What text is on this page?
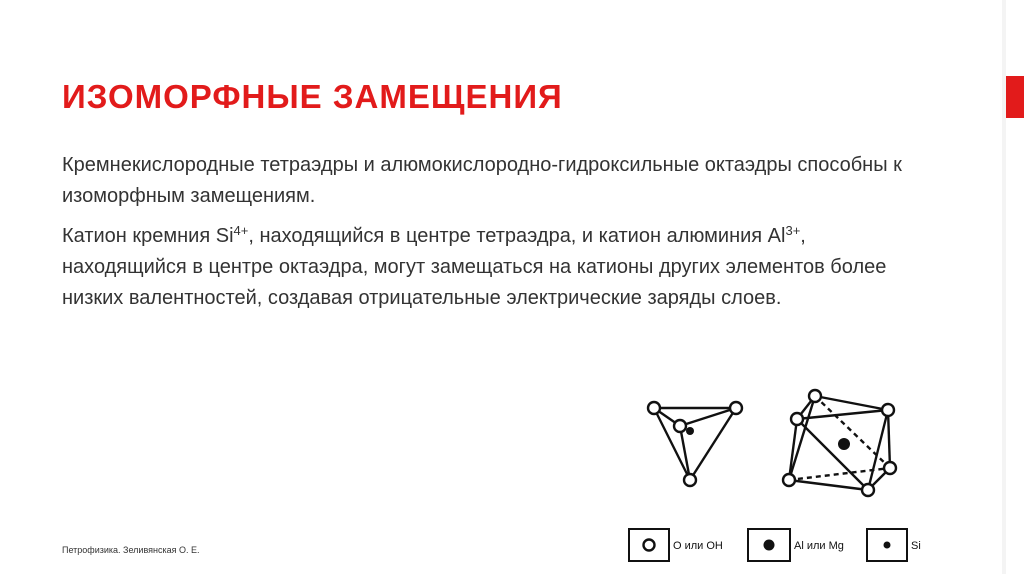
ИЗОМОРФНЫЕ ЗАМЕЩЕНИЯ

Кремнекислородные тетраэдры и алюмокислородно-гидроксильные октаэдры способны к изоморфным замещениям.

Катион кремния $Si^{4+}$, находящийся в центре тетраэдра, и катион алюминия $Al^{3+}$, находящийся в центре октаэдра, могут замещаться на катионы других элементов более низких валентностей, создавая отрицательные электрические заряды слоев.

О или OH	Al или Mg	Si
Петрофизика. Зеливянская О. Е.
